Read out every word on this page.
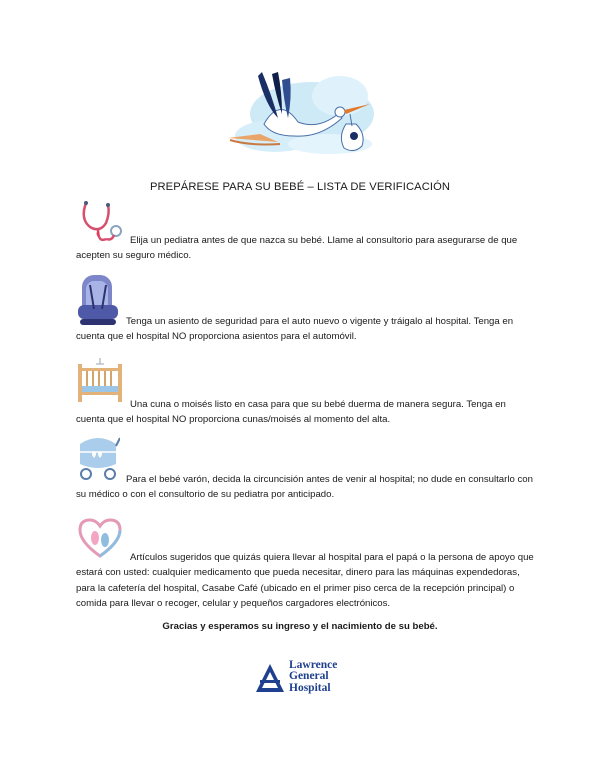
PREPÁRESE PARA SU BEBÉ – LISTA DE VERIFICACIÓN
Elija un pediatra antes de que nazca su bebé. Llame al consultorio para asegurarse de que acepten su seguro médico.
Tenga un asiento de seguridad para el auto nuevo o vigente y tráigalo al hospital. Tenga en cuenta que el hospital NO proporciona asientos para el automóvil.
Una cuna o moisés listo en casa para que su bebé duerma de manera segura. Tenga en cuenta que el hospital NO proporciona cunas/moisés al momento del alta.
Para el bebé varón, decida la circuncisión antes de venir al hospital; no dude en consultarlo con su médico o con el consultorio de su pediatra por anticipado.
Artículos sugeridos que quizás quiera llevar al hospital para el papá o la persona de apoyo que estará con usted: cualquier medicamento que pueda necesitar, dinero para las máquinas expendedoras, para la cafetería del hospital, Casabe Café (ubicado en el primer piso cerca de la recepción principal) o comida para llevar o recoger, celular y pequeños cargadores electrónicos.
Gracias y esperamos su ingreso y el nacimiento de su bebé.
Lawrence
General
Hospital
